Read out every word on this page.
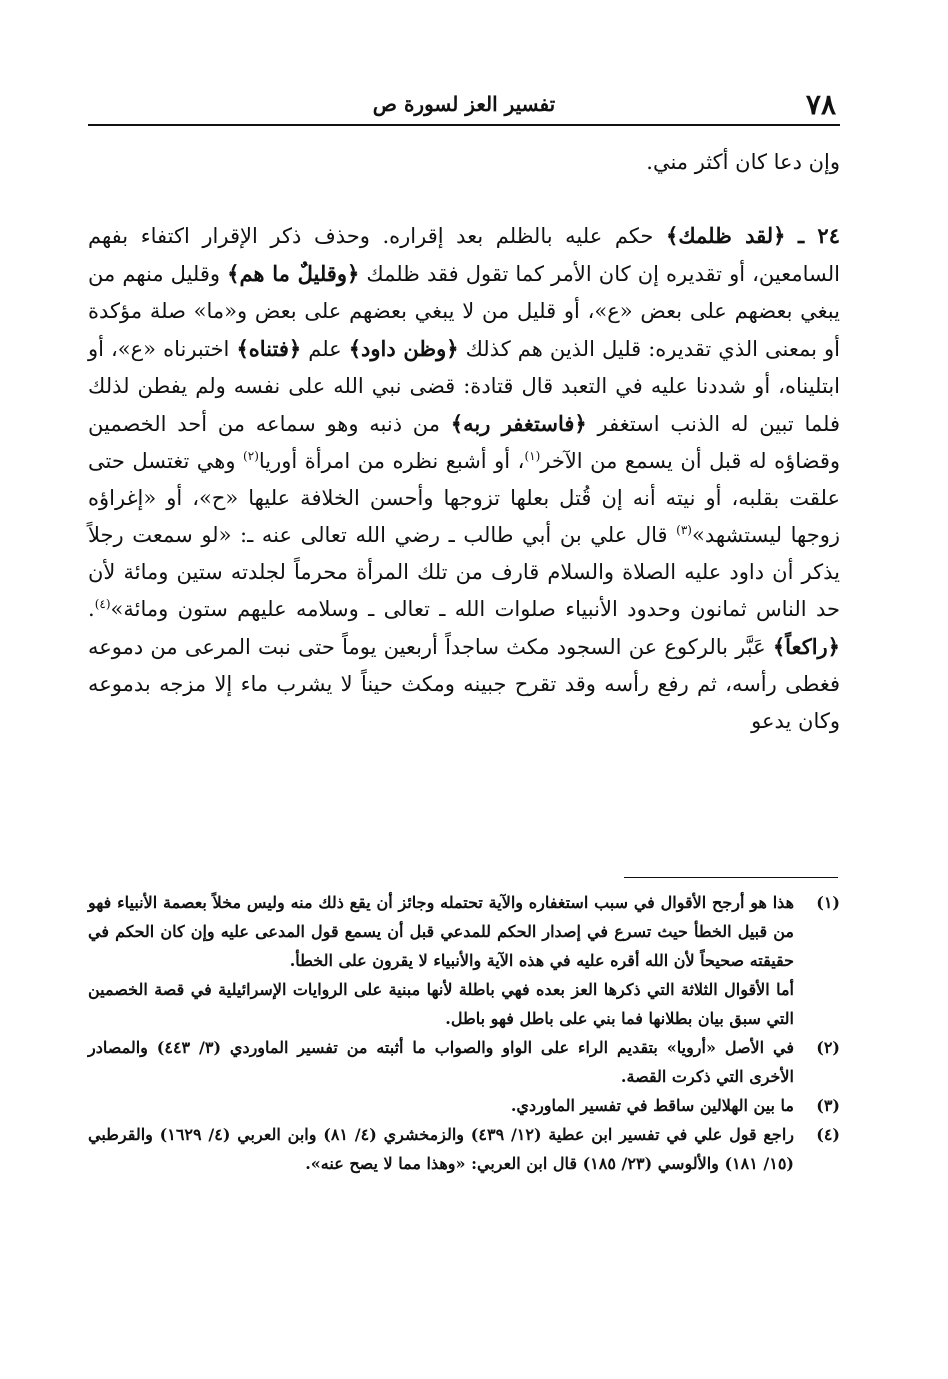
٧٨
تفسير العز لسورة ص

وإن دعا كان أكثر مني.

٢٤ ـ ﴿لقد ظلمك﴾ حكم عليه بالظلم بعد إقراره. وحذف ذكر الإقرار اكتفاء بفهم السامعين، أو تقديره إن كان الأمر كما تقول فقد ظلمك ﴿وقليلٌ ما هم﴾ وقليل منهم من يبغي بعضهم على بعض «ع»، أو قليل من لا يبغي بعضهم على بعض و«ما» صلة مؤكدة أو بمعنى الذي تقديره: قليل الذين هم كذلك ﴿وظن داود﴾ علم ﴿فتناه﴾ اختبرناه «ع»، أو ابتليناه، أو شددنا عليه في التعبد قال قتادة: قضى نبي الله على نفسه ولم يفطن لذلك فلما تبين له الذنب استغفر ﴿فاستغفر ربه﴾ من ذنبه وهو سماعه من أحد الخصمين وقضاؤه له قبل أن يسمع من الآخر$^{(١)}$، أو أشبع نظره من امرأة أوريا$^{(٢)}$ وهي تغتسل حتى علقت بقلبه، أو نيته أنه إن قُتل بعلها تزوجها وأحسن الخلافة عليها «ح»، أو «إغراؤه زوجها ليستشهد»$^{(٣)}$ قال علي بن أبي طالب ـ رضي الله تعالى عنه ـ: «لو سمعت رجلاً يذكر أن داود عليه الصلاة والسلام قارف من تلك المرأة محرماً لجلدته ستين ومائة لأن حد الناس ثمانون وحدود الأنبياء صلوات الله ـ تعالى ـ وسلامه عليهم ستون ومائة»$^{(٤)}$. ﴿راكعاً﴾ عَبَّر بالركوع عن السجود مكث ساجداً أربعين يوماً حتى نبت المرعى من دموعه فغطى رأسه، ثم رفع رأسه وقد تقرح جبينه ومكث حيناً لا يشرب ماء إلا مزجه بدموعه وكان يدعو

(١)
هذا هو أرجح الأقوال في سبب استغفاره والآية تحتمله وجائز أن يقع ذلك منه وليس مخلاً بعصمة الأنبياء فهو من قبيل الخطأ حيث تسرع في إصدار الحكم للمدعي قبل أن يسمع قول المدعى عليه وإن كان الحكم في حقيقته صحيحاً لأن الله أقره عليه في هذه الآية والأنبياء لا يقرون على الخطأ.
أما الأقوال الثلاثة التي ذكرها العز بعده فهي باطلة لأنها مبنية على الروايات الإسرائيلية في قصة الخصمين التي سبق بيان بطلانها فما بني على باطل فهو باطل.
(٢)
في الأصل «أرويا» بتقديم الراء على الواو والصواب ما أثبته من تفسير الماوردي (٣/ ٤٤٣) والمصادر الأخرى التي ذكرت القصة.
(٣)
ما بين الهلالين ساقط في تفسير الماوردي.
(٤)
راجع قول علي في تفسير ابن عطية (١٢/ ٤٣٩) والزمخشري (٤/ ٨١) وابن العربي (٤/ ١٦٢٩) والقرطبي (١٥/ ١٨١) والألوسي (٢٣/ ١٨٥) قال ابن العربي: «وهذا مما لا يصح عنه».
